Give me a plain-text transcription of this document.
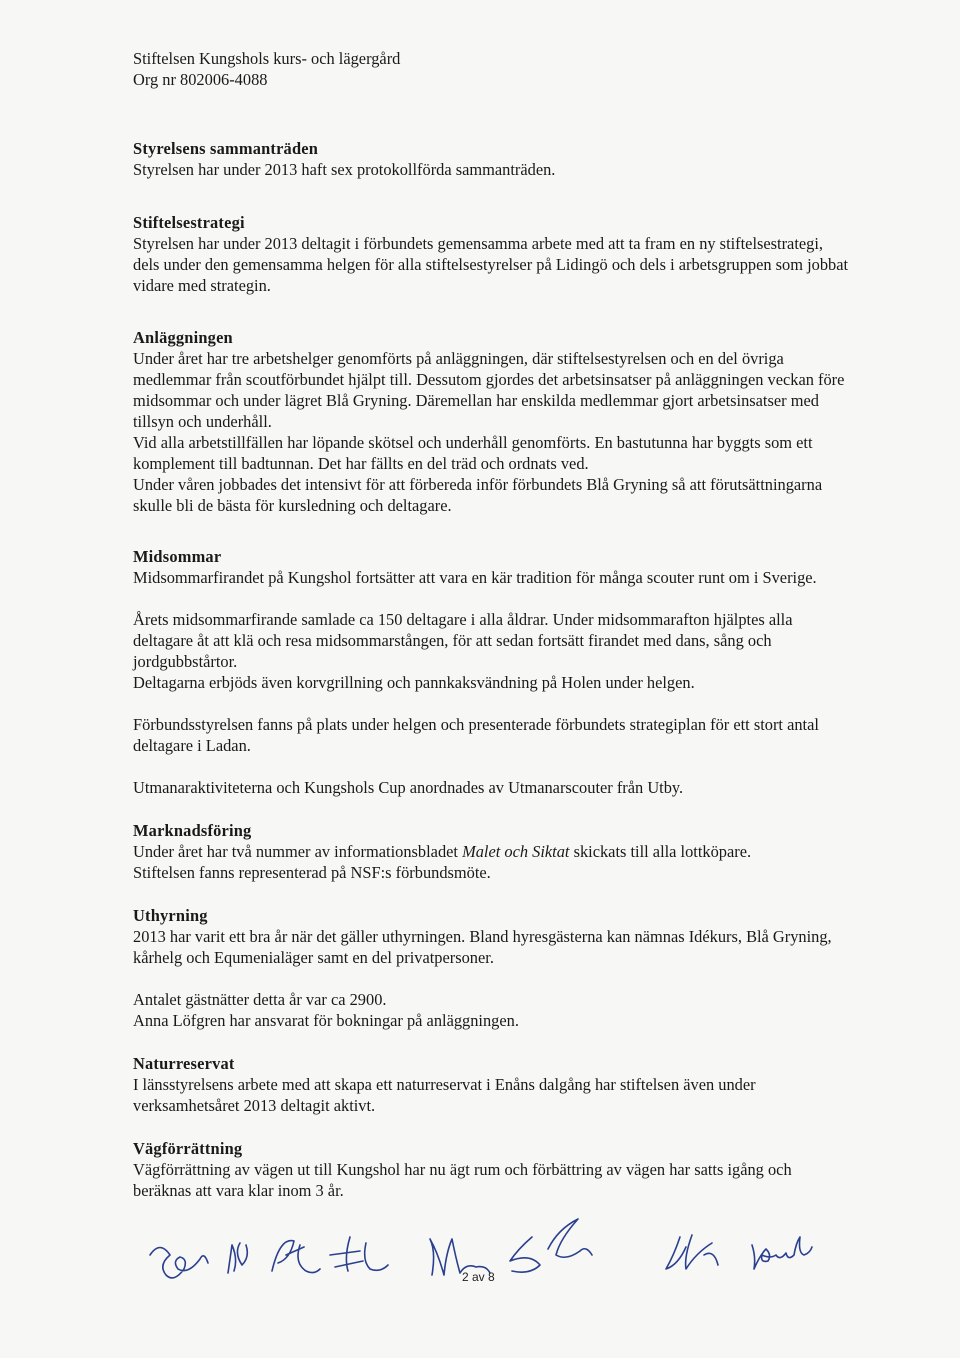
Stiftelsen Kungshols kurs- och lägergård
Org nr 802006-4088
Styrelsens sammanträden

Styrelsen har under 2013 haft sex protokollförda sammanträden.

Stiftelsestrategi

Styrelsen har under 2013 deltagit i förbundets gemensamma arbete med att ta fram en ny stiftelsestrategi, dels under den gemensamma helgen för alla stiftelsestyrelser på Lidingö och dels i arbetsgruppen som jobbat vidare med strategin.

Anläggningen

Under året har tre arbetshelger genomförts på anläggningen, där stiftelsestyrelsen och en del övriga medlemmar från scoutförbundet hjälpt till. Dessutom gjordes det arbetsinsatser på anläggningen veckan före midsommar och under lägret Blå Gryning. Däremellan har enskilda medlemmar gjort arbetsinsatser med tillsyn och underhåll.

Vid alla arbetstillfällen har löpande skötsel och underhåll genomförts. En bastutunna har byggts som ett komplement till badtunnan. Det har fällts en del träd och ordnats ved.

Under våren jobbades det intensivt för att förbereda inför förbundets Blå Gryning så att förutsättningarna skulle bli de bästa för kursledning och deltagare.

Midsommar

Midsommarfirandet på Kungshol fortsätter att vara en kär tradition för många scouter runt om i Sverige.

Årets midsommarfirande samlade ca 150 deltagare i alla åldrar. Under midsommarafton hjälptes alla deltagare åt att klä och resa midsommarstången, för att sedan fortsätt firandet med dans, sång och jordgubbstårtor.

Deltagarna erbjöds även korvgrillning och pannkaksvändning på Holen under helgen.

Förbundsstyrelsen fanns på plats under helgen och presenterade förbundets strategiplan för ett stort antal deltagare i Ladan.

Utmanaraktiviteterna och Kungshols Cup anordnades av Utmanarscouter från Utby.

Marknadsföring

Under året har två nummer av informationsbladet Malet och Siktat skickats till alla lottköpare.

Stiftelsen fanns representerad på NSF:s förbundsmöte.

Uthyrning

2013 har varit ett bra år när det gäller uthyrningen. Bland hyresgästerna kan nämnas Idékurs, Blå Gryning, kårhelg och Equmenialäger samt en del privatpersoner.

Antalet gästnätter detta år var ca 2900.

Anna Löfgren har ansvarat för bokningar på anläggningen.

Naturreservat

I länsstyrelsens arbete med att skapa ett naturreservat i Enåns dalgång har stiftelsen även under verksamhetsåret 2013 deltagit aktivt.

Vägförrättning

Vägförrättning av vägen ut till Kungshol har nu ägt rum och förbättring av vägen har satts igång och beräknas att vara klar inom 3 år.

2 av 8
